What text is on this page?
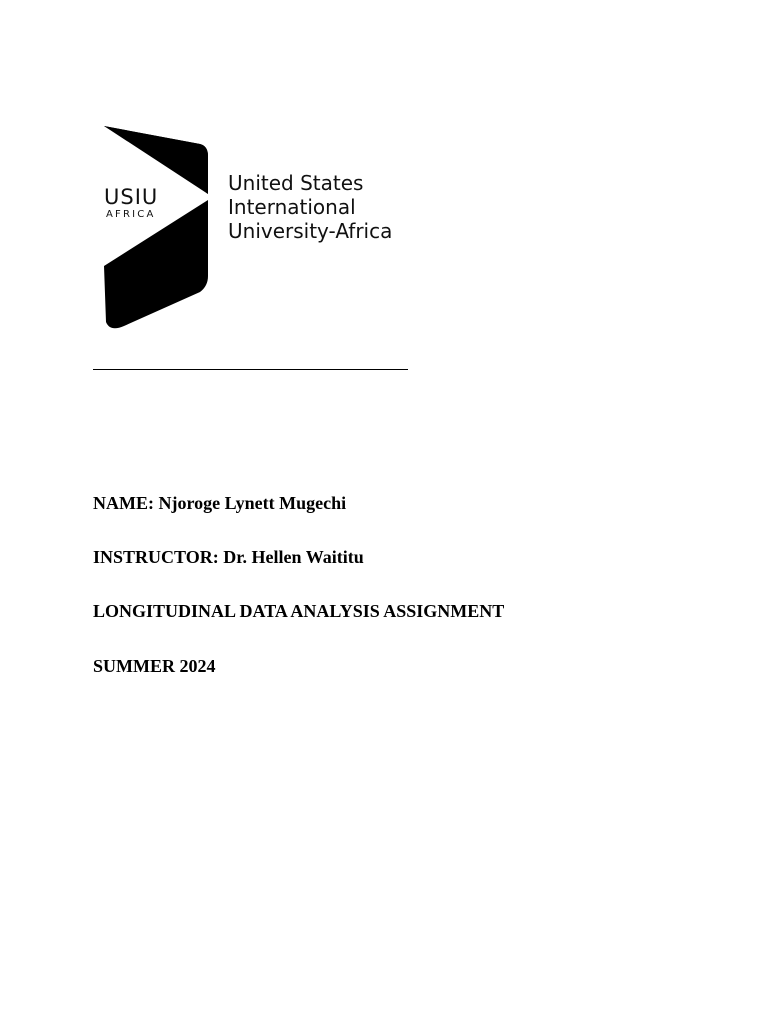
USIU
AFRICA
United States
International
University-Africa
NAME: Njoroge Lynett Mugechi
INSTRUCTOR: Dr. Hellen Waititu
LONGITUDINAL DATA ANALYSIS ASSIGNMENT
SUMMER 2024
